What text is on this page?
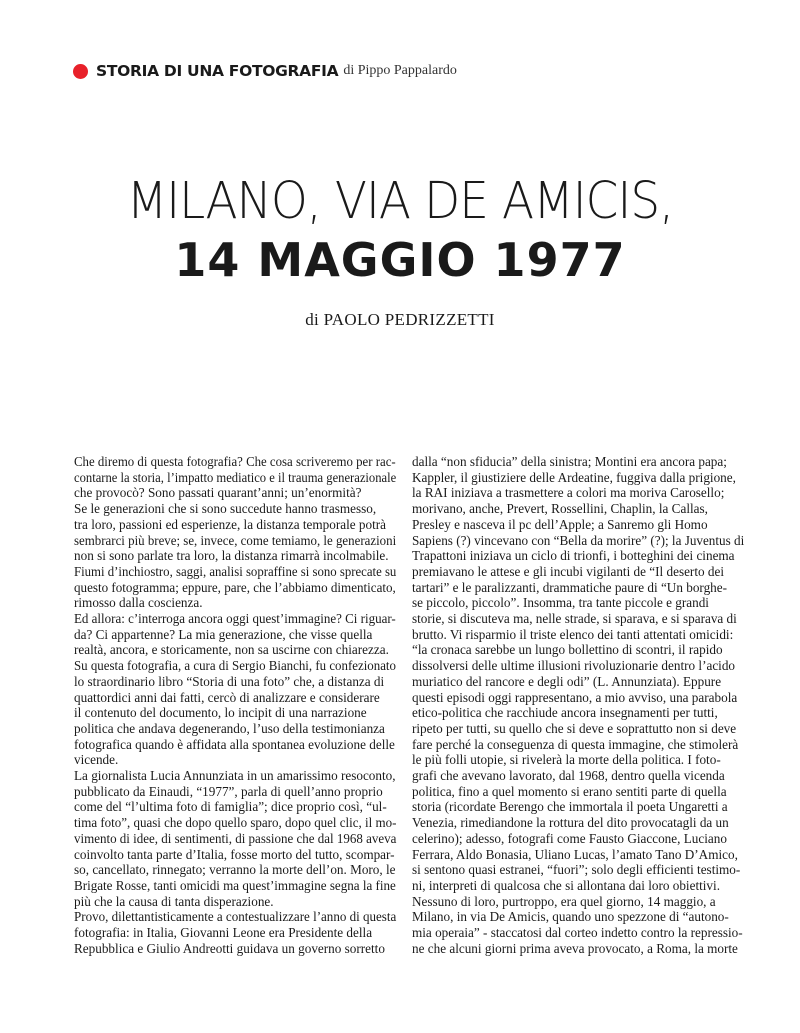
STORIA DI UNA FOTOGRAFIA di Pippo Pappalardo
MILANO, VIA DE AMICIS,
14 MAGGIO 1977
di PAOLO PEDRIZZETTI
Che diremo di questa fotografia? Che cosa scriveremo per rac-
contarne la storia, l’impatto mediatico e il trauma generazionale
che provocò? Sono passati quarant’anni; un’enormità?
Se le generazioni che si sono succedute hanno trasmesso,
tra loro, passioni ed esperienze, la distanza temporale potrà
sembrarci più breve; se, invece, come temiamo, le generazioni
non si sono parlate tra loro, la distanza rimarrà incolmabile.
Fiumi d’inchiostro, saggi, analisi sopraffine si sono sprecate su
questo fotogramma; eppure, pare, che l’abbiamo dimenticato,
rimosso dalla coscienza.
Ed allora: c’interroga ancora oggi quest’immagine? Ci riguar-
da? Ci appartenne? La mia generazione, che visse quella
realtà, ancora, e storicamente, non sa uscirne con chiarezza.
Su questa fotografia, a cura di Sergio Bianchi, fu confezionato
lo straordinario libro “Storia di una foto” che, a distanza di
quattordici anni dai fatti, cercò di analizzare e considerare
il contenuto del documento, lo incipit di una narrazione
politica che andava degenerando, l’uso della testimonianza
fotografica quando è affidata alla spontanea evoluzione delle
vicende.
La giornalista Lucia Annunziata in un amarissimo resoconto,
pubblicato da Einaudi, “1977”, parla di quell’anno proprio
come del “l’ultima foto di famiglia”; dice proprio così, “ul-
tima foto”, quasi che dopo quello sparo, dopo quel clic, il mo-
vimento di idee, di sentimenti, di passione che dal 1968 aveva
coinvolto tanta parte d’Italia, fosse morto del tutto, scompar-
so, cancellato, rinnegato; verranno la morte dell’on. Moro, le
Brigate Rosse, tanti omicidi ma quest’immagine segna la fine
più che la causa di tanta disperazione.
Provo, dilettantisticamente a contestualizzare l’anno di questa
fotografia: in Italia, Giovanni Leone era Presidente della
Repubblica e Giulio Andreotti guidava un governo sorretto
dalla “non sfiducia” della sinistra; Montini era ancora papa;
Kappler, il giustiziere delle Ardeatine, fuggiva dalla prigione,
la RAI iniziava a trasmettere a colori ma moriva Carosello;
morivano, anche, Prevert, Rossellini, Chaplin, la Callas,
Presley e nasceva il pc dell’Apple; a Sanremo gli Homo
Sapiens (?) vincevano con “Bella da morire” (?); la Juventus di
Trapattoni iniziava un ciclo di trionfi, i botteghini dei cinema
premiavano le attese e gli incubi vigilanti de “Il deserto dei
tartari” e le paralizzanti, drammatiche paure di “Un borghe-
se piccolo, piccolo”. Insomma, tra tante piccole e grandi
storie, si discuteva ma, nelle strade, si sparava, e si sparava di
brutto. Vi risparmio il triste elenco dei tanti attentati omicidi:
“la cronaca sarebbe un lungo bollettino di scontri, il rapido
dissolversi delle ultime illusioni rivoluzionarie dentro l’acido
muriatico del rancore e degli odi” (L. Annunziata). Eppure
questi episodi oggi rappresentano, a mio avviso, una parabola
etico-politica che racchiude ancora insegnamenti per tutti,
ripeto per tutti, su quello che si deve e soprattutto non si deve
fare perché la conseguenza di questa immagine, che stimolerà
le più folli utopie, si rivelerà la morte della politica. I foto-
grafi che avevano lavorato, dal 1968, dentro quella vicenda
politica, fino a quel momento si erano sentiti parte di quella
storia (ricordate Berengo che immortala il poeta Ungaretti a
Venezia, rimediandone la rottura del dito provocatagli da un
celerino); adesso, fotografi come Fausto Giaccone, Luciano
Ferrara, Aldo Bonasia, Uliano Lucas, l’amato Tano D’Amico,
si sentono quasi estranei, “fuori”; solo degli efficienti testimo-
ni, interpreti di qualcosa che si allontana dai loro obiettivi.
Nessuno di loro, purtroppo, era quel giorno, 14 maggio, a
Milano, in via De Amicis, quando uno spezzone di “autono-
mia operaia” - staccatosi dal corteo indetto contro la repressio-
ne che alcuni giorni prima aveva provocato, a Roma, la morte
